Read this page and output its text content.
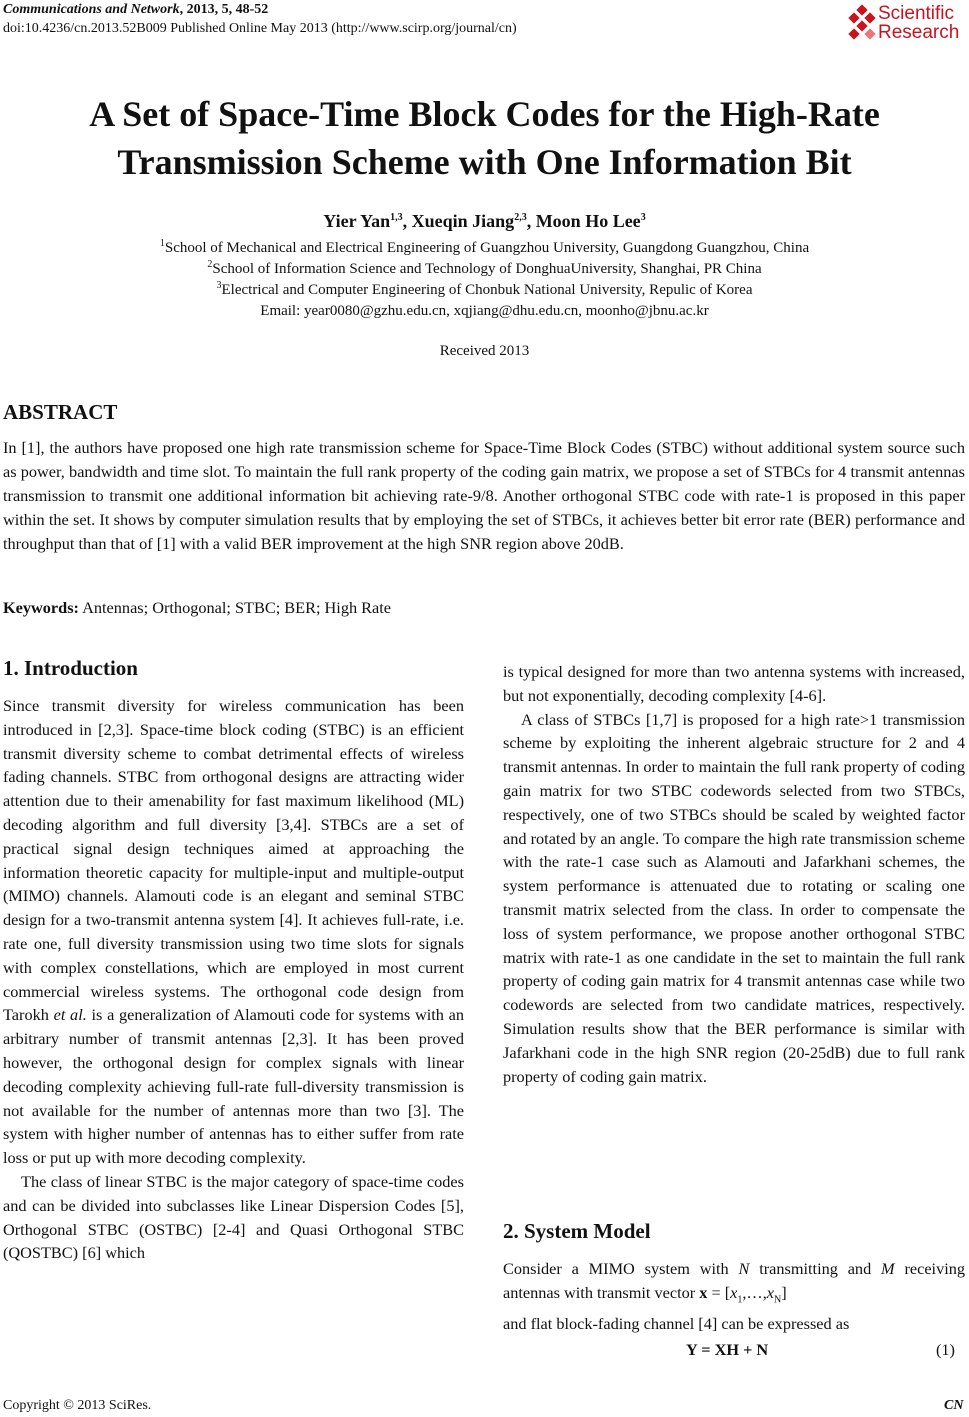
Communications and Network, 2013, 5, 48-52
doi:10.4236/cn.2013.52B009 Published Online May 2013 (http://www.scirp.org/journal/cn)
Scientific
Research
A Set of Space-Time Block Codes for the High-Rate
Transmission Scheme with One Information Bit
Yier Yan$^{1,3}$, Xueqin Jiang$^{2,3}$, Moon Ho Lee$^3$
$^1$School of Mechanical and Electrical Engineering of Guangzhou University, Guangdong Guangzhou, China
$^2$School of Information Science and Technology of DonghuaUniversity, Shanghai, PR China
$^3$Electrical and Computer Engineering of Chonbuk National University, Repulic of Korea
Email: year0080@gzhu.edu.cn, xqjiang@dhu.edu.cn, moonho@jbnu.ac.kr
Received 2013
ABSTRACT
In [1], the authors have proposed one high rate transmission scheme for Space-Time Block Codes (STBC) without additional system source such as power, bandwidth and time slot. To maintain the full rank property of the coding gain matrix, we propose a set of STBCs for 4 transmit antennas transmission to transmit one additional information bit achieving rate-9/8. Another orthogonal STBC code with rate-1 is proposed in this paper within the set. It shows by computer simulation results that by employing the set of STBCs, it achieves better bit error rate (BER) performance and throughput than that of [1] with a valid BER improvement at the high SNR region above 20dB.
Keywords: Antennas; Orthogonal; STBC; BER; High Rate
1. Introduction

Since transmit diversity for wireless communication has been introduced in [2,3]. Space-time block coding (STBC) is an efficient transmit diversity scheme to combat detrimental effects of wireless fading channels. STBC from orthogonal designs are attracting wider attention due to their amenability for fast maximum likelihood (ML) decoding algorithm and full diversity [3,4]. STBCs are a set of practical signal design techniques aimed at approaching the information theoretic capacity for multiple-input and multiple-output (MIMO) channels. Alamouti code is an elegant and seminal STBC design for a two-transmit antenna system [4]. It achieves full-rate, i.e. rate one, full diversity transmission using two time slots for signals with complex constellations, which are employed in most current commercial wireless systems. The orthogonal code design from Tarokh et al. is a generalization of Alamouti code for systems with an arbitrary number of transmit antennas [2,3]. It has been proved however, the orthogonal design for complex signals with linear decoding complexity achieving full-rate full-diversity transmission is not available for the number of antennas more than two [3]. The system with higher number of antennas has to either suffer from rate loss or put up with more decoding complexity.

The class of linear STBC is the major category of space-time codes and can be divided into subclasses like Linear Dispersion Codes [5], Orthogonal STBC (OSTBC) [2-4] and Quasi Orthogonal STBC (QOSTBC) [6] which

is typical designed for more than two antenna systems with increased, but not exponentially, decoding complexity [4-6].

A class of STBCs [1,7] is proposed for a high rate>1 transmission scheme by exploiting the inherent algebraic structure for 2 and 4 transmit antennas. In order to maintain the full rank property of coding gain matrix for two STBC codewords selected from two STBCs, respectively, one of two STBCs should be scaled by weighted factor and rotated by an angle. To compare the high rate transmission scheme with the rate-1 case such as Alamouti and Jafarkhani schemes, the system performance is attenuated due to rotating or scaling one transmit matrix selected from the class. In order to compensate the loss of system performance, we propose another orthogonal STBC matrix with rate-1 as one candidate in the set to maintain the full rank property of coding gain matrix for 4 transmit antennas case while two codewords are selected from two candidate matrices, respectively. Simulation results show that the BER performance is similar with Jafarkhani code in the high SNR region (20-25dB) due to full rank property of coding gain matrix.

2. System Model

Consider a MIMO system with N transmitting and M receiving antennas with transmit vector $x = [x_1,\dots,x_N]$

and flat block-fading channel [4] can be expressed as

Y = XH + N	(1)
Copyright © 2013 SciRes.	CN
